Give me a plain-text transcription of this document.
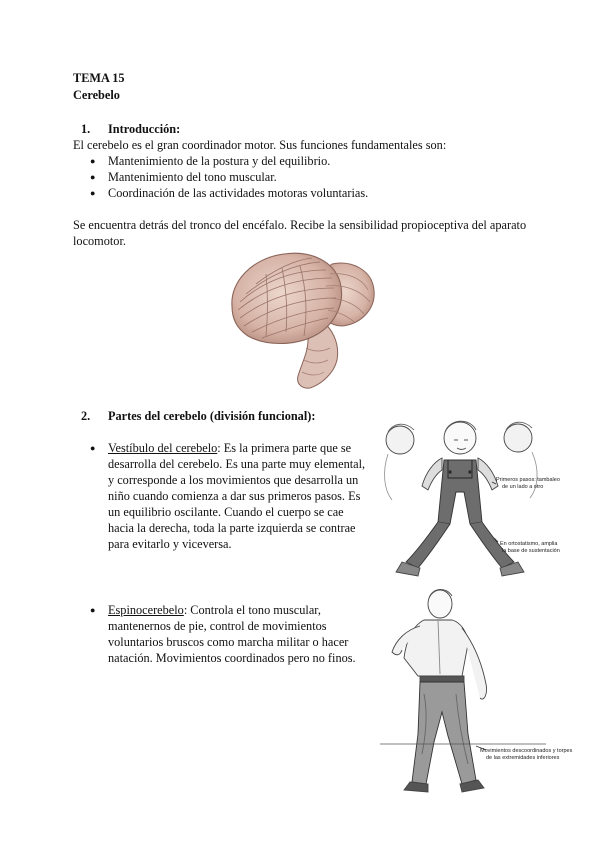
TEMA 15
Cerebelo
1. Introducción:
El cerebelo es el gran coordinador motor. Sus funciones fundamentales son:
● Mantenimiento de la postura y del equilibrio.
● Mantenimiento del tono muscular.
● Coordinación de las actividades motoras voluntarias.
Se encuentra detrás del tronco del encéfalo. Recibe la sensibilidad propioceptiva del aparato
locomotor.
2. Partes del cerebelo (división funcional):
● Vestíbulo del cerebelo: Es la primera parte que se
desarrolla del cerebelo. Es una parte muy elemental,
y corresponde a los movimientos que desarrolla un
niño cuando comienza a dar sus primeros pasos. Es
un equilibrio oscilante. Cuando el cuerpo se cae
hacia la derecha, toda la parte izquierda se contrae
para evitarlo y viceversa.
Primeros pasos: tambaleo
de un lado a otro
En ortostatismo, amplia
la base de sustentación
● Espinocerebelo: Controla el tono muscular,
mantenernos de pie, control de movimientos
voluntarios bruscos como marcha militar o hacer
natación. Movimientos coordinados pero no finos.
Movimientos descoordinados y torpes
de las extremidades inferiores
